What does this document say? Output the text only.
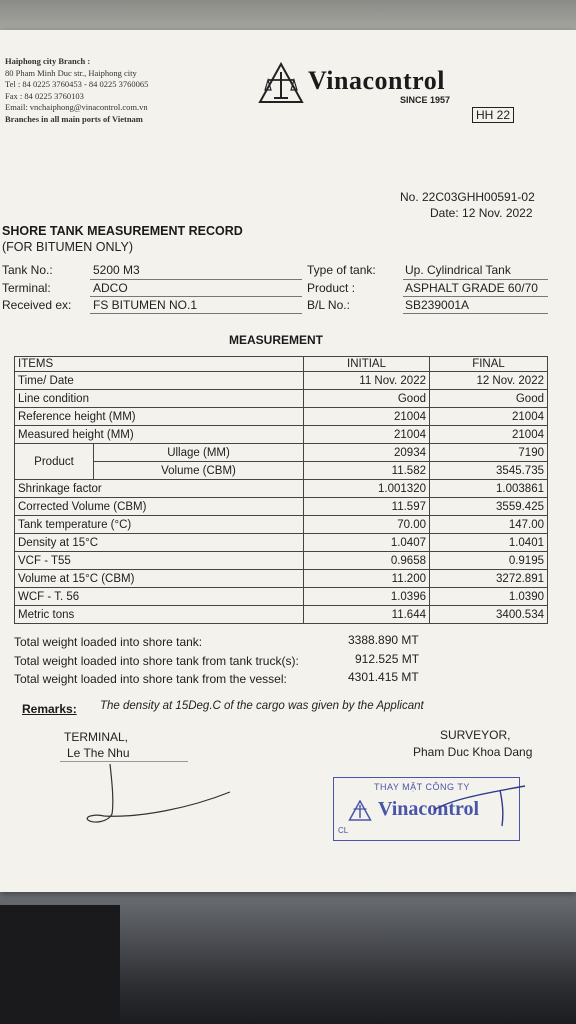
Haiphong city Branch :
80 Pham Minh Duc str., Haiphong city
Tel : 84 0225 3760453 - 84 0225 3760065
Fax : 84 0225 3760103
Email: vnchaiphong@vinacontrol.com.vn
Branches in all main ports of Vietnam
Vinacontrol
SINCE 1957
HH 22
No. 22C03GHH00591-02
Date: 12 Nov. 2022
SHORE TANK MEASUREMENT RECORD
(FOR BITUMEN ONLY)
Tank No.:	5200 M3
Terminal:	ADCO
Received ex: FS BITUMEN NO.1
Type of tank: Up. Cylindrical Tank
Product :	ASPHALT GRADE 60/70
B/L No.:	SB239001A
MEASUREMENT
ITEMS		INITIAL	FINAL
Time/ Date		11 Nov. 2022	12 Nov. 2022
Line condition		Good	Good
Reference height (MM)		21004	21004
Measured height (MM)		21004	21004
Product	Ullage (MM)	20934	7190
	Volume (CBM)	11.582	3545.735
Shrinkage factor		1.001320	1.003861
Corrected Volume (CBM)		11.597	3559.425
Tank temperature (°C)		70.00	147.00
Density at 15°C		1.0407	1.0401
VCF - T55		0.9658	0.9195
Volume at 15°C (CBM)		11.200	3272.891
WCF - T. 56		1.0396	1.0390
Metric tons		11.644	3400.534
Total weight loaded into shore tank:	3388.890 MT
Total weight loaded into shore tank from tank truck(s):	912.525 MT
Total weight loaded into shore tank from the vessel:	4301.415 MT
Remarks: The density at 15Deg.C of the cargo was given by the Applicant
TERMINAL,
Le The Nhu
SURVEYOR,
Pham Duc Khoa Dang
THAY MẶT CÔNG TY
Vinacontrol
CL
